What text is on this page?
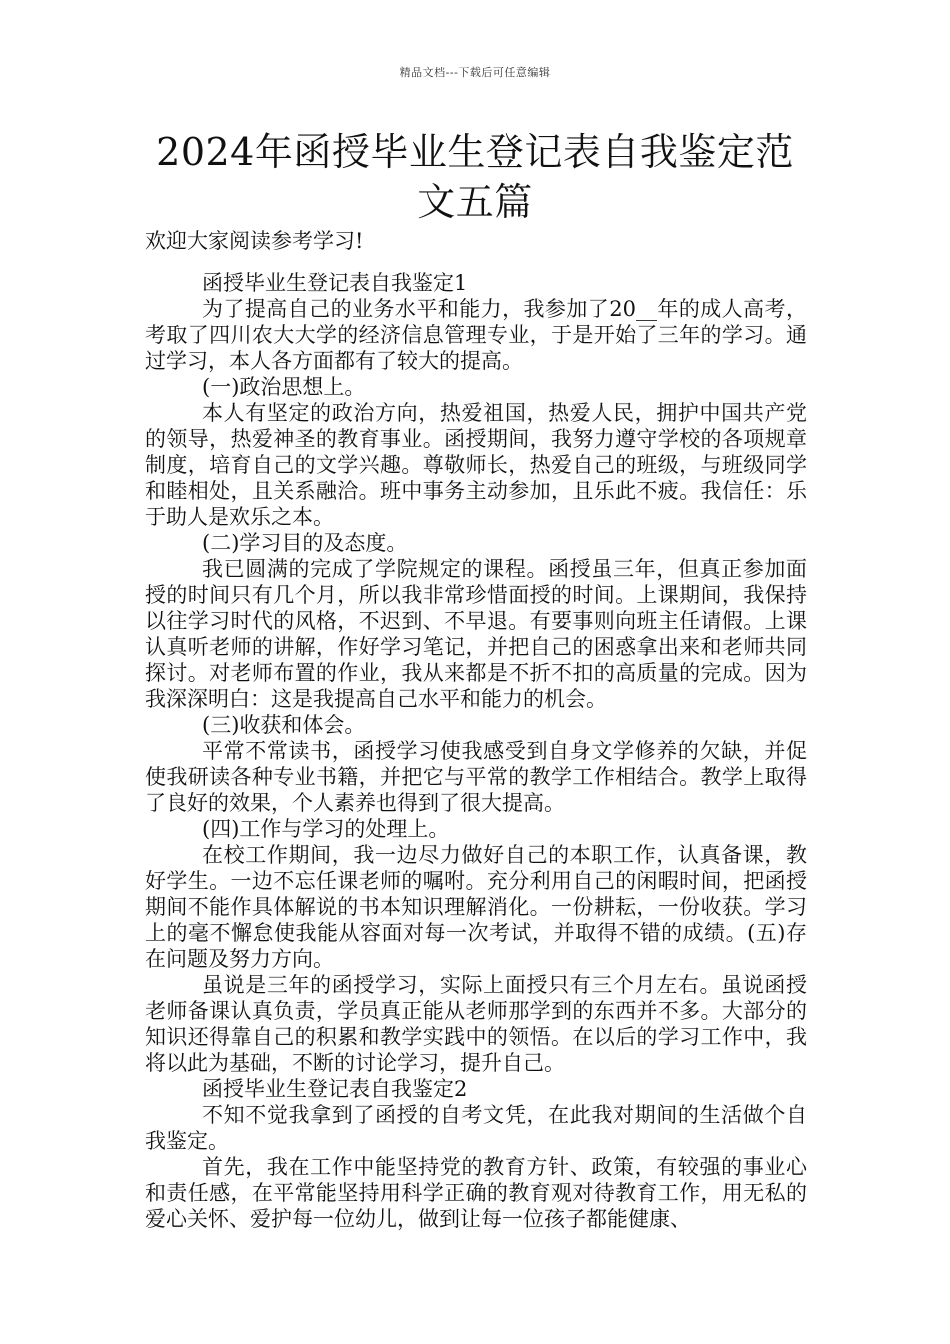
精品文档---下载后可任意编辑
2024年函授毕业生登记表自我鉴定范文五篇

欢迎大家阅读参考学习!

函授毕业生登记表自我鉴定1

为了提高自己的业务水平和能力，我参加了20__年的成人高考，考取了四川农大大学的经济信息管理专业，于是开始了三年的学习。通过学习，本人各方面都有了较大的提高。

(一)政治思想上。

本人有坚定的政治方向，热爱祖国，热爱人民，拥护中国共产党的领导，热爱神圣的教育事业。函授期间，我努力遵守学校的各项规章制度，培育自己的文学兴趣。尊敬师长，热爱自己的班级，与班级同学和睦相处，且关系融洽。班中事务主动参加，且乐此不疲。我信任：乐于助人是欢乐之本。

(二)学习目的及态度。

我已圆满的完成了学院规定的课程。函授虽三年，但真正参加面授的时间只有几个月，所以我非常珍惜面授的时间。上课期间，我保持以往学习时代的风格，不迟到、不早退。有要事则向班主任请假。上课认真听老师的讲解，作好学习笔记，并把自己的困惑拿出来和老师共同探讨。对老师布置的作业，我从来都是不折不扣的高质量的完成。因为我深深明白：这是我提高自己水平和能力的机会。

(三)收获和体会。

平常不常读书，函授学习使我感受到自身文学修养的欠缺，并促使我研读各种专业书籍，并把它与平常的教学工作相结合。教学上取得了良好的效果，个人素养也得到了很大提高。

(四)工作与学习的处理上。

在校工作期间，我一边尽力做好自己的本职工作，认真备课，教好学生。一边不忘任课老师的嘱咐。充分利用自己的闲暇时间，把函授期间不能作具体解说的书本知识理解消化。一份耕耘，一份收获。学习上的毫不懈怠使我能从容面对每一次考试，并取得不错的成绩。(五)存在问题及努力方向。

虽说是三年的函授学习，实际上面授只有三个月左右。虽说函授老师备课认真负责，学员真正能从老师那学到的东西并不多。大部分的知识还得靠自己的积累和教学实践中的领悟。在以后的学习工作中，我将以此为基础，不断的讨论学习，提升自己。

函授毕业生登记表自我鉴定2

不知不觉我拿到了函授的自考文凭，在此我对期间的生活做个自我鉴定。

首先，我在工作中能坚持党的教育方针、政策，有较强的事业心和责任感，在平常能坚持用科学正确的教育观对待教育工作，用无私的爱心关怀、爱护每一位幼儿，做到让每一位孩子都能健康、
